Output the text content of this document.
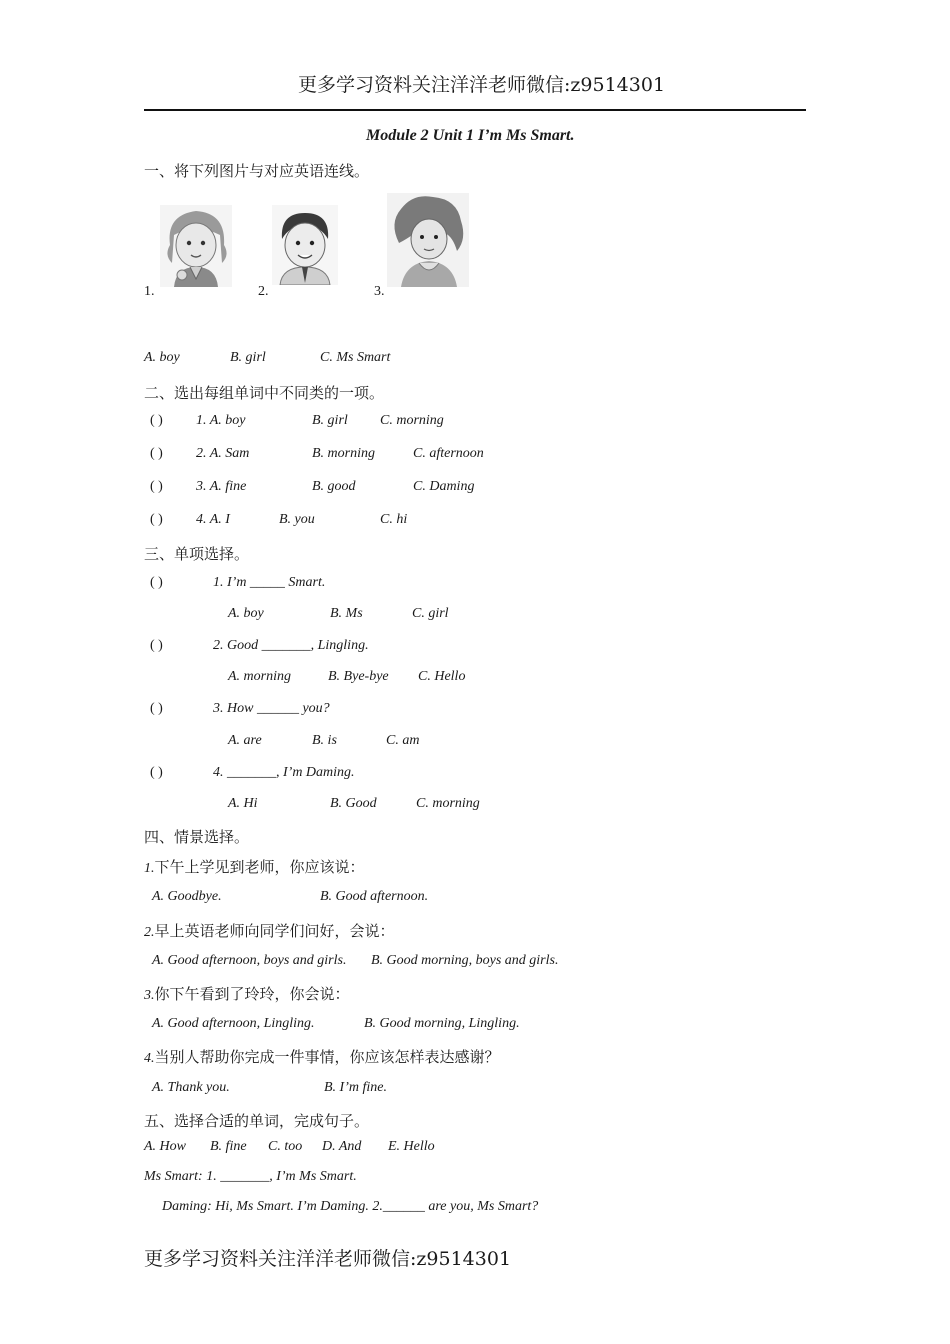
更多学习资料关注洋洋老师微信:z9514301
Module 2 Unit 1 I’m Ms Smart.
一、将下列图片与对应英语连线。
1.	2.	3.
A. boy	B. girl	C. Ms Smart
二、选出每组单词中不同类的一项。
( ) 1. A. boy	B. girl C. morning
( ) 2. A. Sam	B. morning	C. afternoon
( ) 3. A. fine	B. good	C. Daming
( ) 4. A. I	B. you	C. hi
三、单项选择。
( )	1. I’m _____ Smart.
A. boy	B. Ms	C. girl
( )	2. Good _______, Lingling.
A. morning	B. Bye-bye C. Hello
( )	3. How ______ you?
A. are	B. is	C. am
( )	4. _______, I’m Daming.
A. Hi	B. Good	C. morning
四、情景选择。
1.下午上学见到老师，你应该说：
A. Goodbye.	B. Good afternoon.
2.早上英语老师向同学们问好，会说：
A. Good afternoon, boys and girls. B. Good morning, boys and girls.
3.你下午看到了玲玲，你会说：
A. Good afternoon, Lingling.	B. Good morning, Lingling.
4.当别人帮助你完成一件事情，你应该怎样表达感谢？
A. Thank you.	B. I’m fine.
五、选择合适的单词，完成句子。
A. How B. fine C. too D. And E. Hello
Ms Smart: 1. _______, I’m Ms Smart.
Daming: Hi, Ms Smart. I’m Daming. 2.______ are you, Ms Smart?
更多学习资料关注洋洋老师微信:z9514301
